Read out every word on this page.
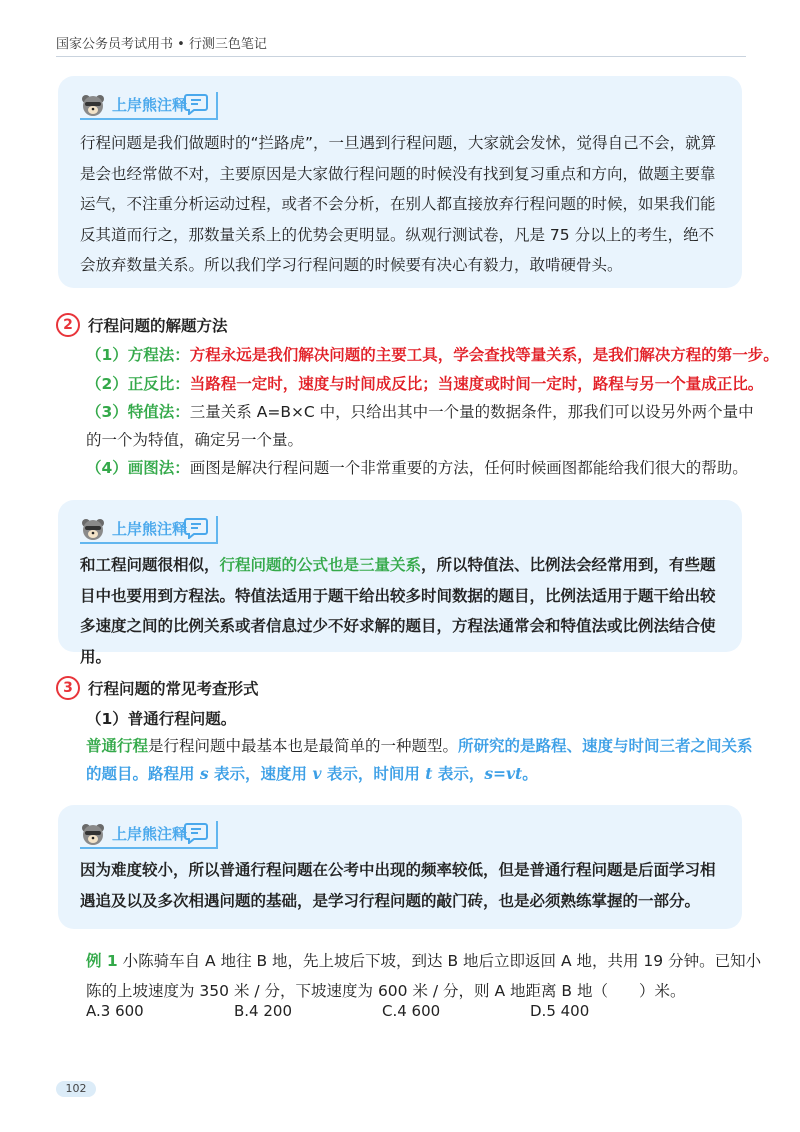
国家公务员考试用书 • 行测三色笔记
上岸熊注释
行程问题是我们做题时的“拦路虎”，一旦遇到行程问题，大家就会发怵，觉得自己不会，就算是会也经常做不对，主要原因是大家做行程问题的时候没有找到复习重点和方向，做题主要靠运气，不注重分析运动过程，或者不会分析，在别人都直接放弃行程问题的时候，如果我们能反其道而行之，那数量关系上的优势会更明显。纵观行测试卷，凡是 75 分以上的考生，绝不会放弃数量关系。所以我们学习行程问题的时候要有决心有毅力，敢啃硬骨头。
2 行程问题的解题方法
（1）方程法：方程永远是我们解决问题的主要工具，学会查找等量关系，是我们解决方程的第一步。
（2）正反比：当路程一定时，速度与时间成反比；当速度或时间一定时，路程与另一个量成正比。
（3）特值法：三量关系 A=B×C 中，只给出其中一个量的数据条件，那我们可以设另外两个量中
的一个为特值，确定另一个量。
（4）画图法：画图是解决行程问题一个非常重要的方法，任何时候画图都能给我们很大的帮助。
上岸熊注释
和工程问题很相似，行程问题的公式也是三量关系，所以特值法、比例法会经常用到，有些题目中也要用到方程法。特值法适用于题干给出较多时间数据的题目，比例法适用于题干给出较多速度之间的比例关系或者信息过少不好求解的题目，方程法通常会和特值法或比例法结合使用。
3 行程问题的常见考查形式
（1）普通行程问题。
普通行程是行程问题中最基本也是最简单的一种题型。所研究的是路程、速度与时间三者之间关系
的题目。路程用 s 表示，速度用 v 表示，时间用 t 表示，s=vt。
上岸熊注释
因为难度较小，所以普通行程问题在公考中出现的频率较低，但是普通行程问题是后面学习相遇追及以及多次相遇问题的基础，是学习行程问题的敲门砖，也是必须熟练掌握的一部分。
例 1 小陈骑车自 A 地往 B 地，先上坡后下坡，到达 B 地后立即返回 A 地，共用 19 分钟。已知小
陈的上坡速度为 350 米 / 分，下坡速度为 600 米 / 分，则 A 地距离 B 地（　　）米。
A.3 600	B.4 200	C.4 600	D.5 400
102
